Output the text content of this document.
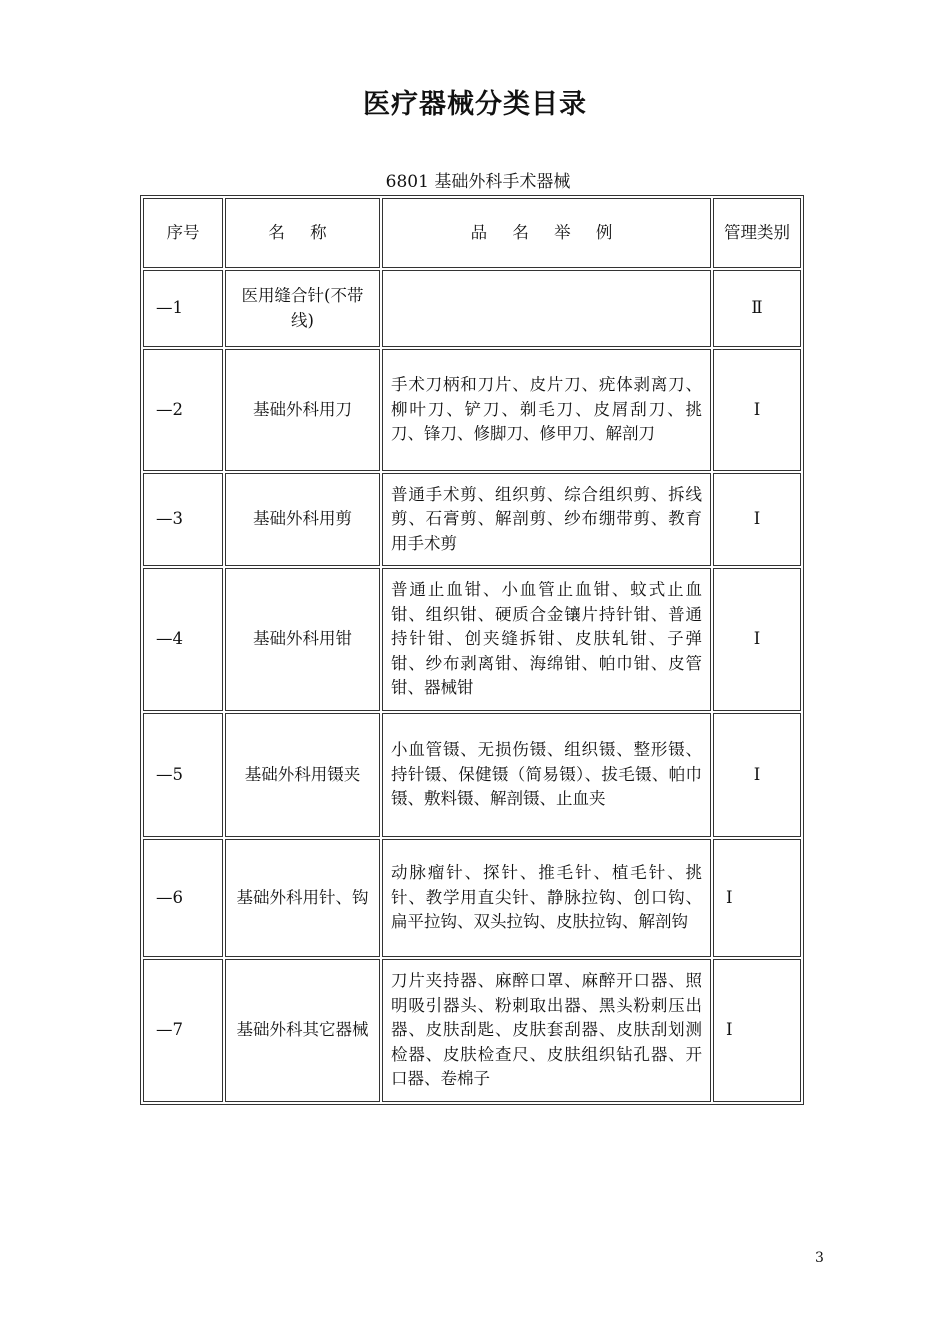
医疗器械分类目录
6801 基础外科手术器械
序号	名 称	品 名 举 例	管理类别
—1	医用缝合针(不带线)		Ⅱ
—2	基础外科用刀	手术刀柄和刀片、皮片刀、疣体剥离刀、柳叶刀、铲刀、剃毛刀、皮屑刮刀、挑刀、锋刀、修脚刀、修甲刀、解剖刀	Ⅰ
—3	基础外科用剪	普通手术剪、组织剪、综合组织剪、拆线剪、石膏剪、解剖剪、纱布绷带剪、教育用手术剪	Ⅰ
—4	基础外科用钳	普通止血钳、小血管止血钳、蚊式止血钳、组织钳、硬质合金镶片持针钳、普通持针钳、创夹缝拆钳、皮肤轧钳、子弹钳、纱布剥离钳、海绵钳、帕巾钳、皮管钳、器械钳	Ⅰ
—5	基础外科用镊夹	小血管镊、无损伤镊、组织镊、整形镊、持针镊、保健镊（简易镊）、拔毛镊、帕巾镊、敷料镊、解剖镊、止血夹	Ⅰ
—6	基础外科用针、钩	动脉瘤针、探针、推毛针、植毛针、挑针、教学用直尖针、静脉拉钩、创口钩、扁平拉钩、双头拉钩、皮肤拉钩、解剖钩	I
—7	基础外科其它器械	刀片夹持器、麻醉口罩、麻醉开口器、照明吸引器头、粉刺取出器、黑头粉刺压出器、皮肤刮匙、皮肤套刮器、皮肤刮划测检器、皮肤检查尺、皮肤组织钻孔器、开口器、卷棉子	I
3
